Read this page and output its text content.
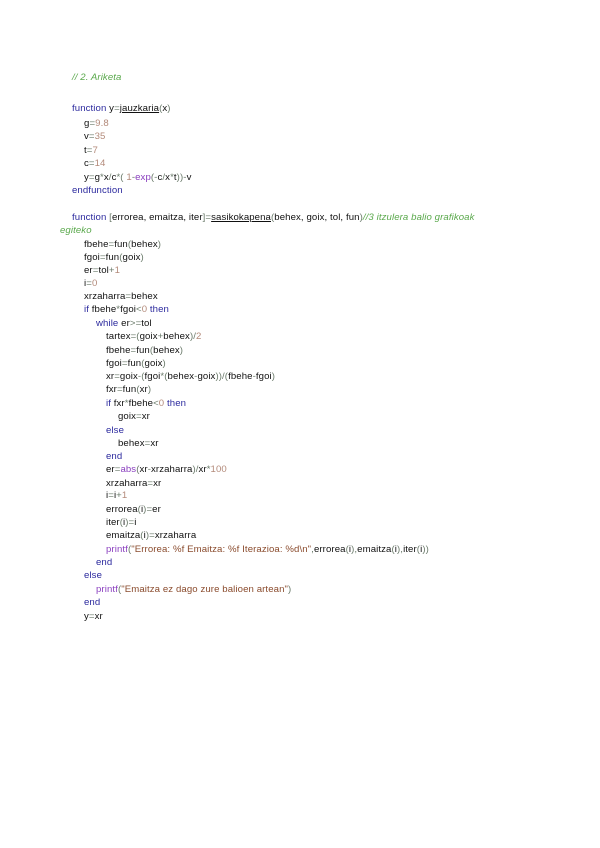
// 2. Ariketa
function y=jauzkaria(x)
g=9.8
v=35
t=7
c=14
y=g*x/c*( 1-exp(-c/x*t))-v
endfunction
function [errorea, emaitza, iter]=sasikokapena(behex, goix, tol, fun)//3 itzulera balio grafikoak
egiteko
fbehe=fun(behex)
fgoi=fun(goix)
er=tol+1
i=0
xrzaharra=behex
if fbehe*fgoi<0 then
while er>=tol
tartex=(goix+behex)/2
fbehe=fun(behex)
fgoi=fun(goix)
xr=goix-(fgoi*(behex-goix))/(fbehe-fgoi)
fxr=fun(xr)
if fxr*fbehe<0 then
goix=xr
else
behex=xr
end
er=abs(xr-xrzaharra)/xr*100
xrzaharra=xr
i=i+1
errorea(i)=er
iter(i)=i
emaitza(i)=xrzaharra
printf("Errorea: %f Emaitza: %f Iterazioa: %d\n",errorea(i),emaitza(i),iter(i))
end
else
printf("Emaitza ez dago zure balioen artean")
end
y=xr
